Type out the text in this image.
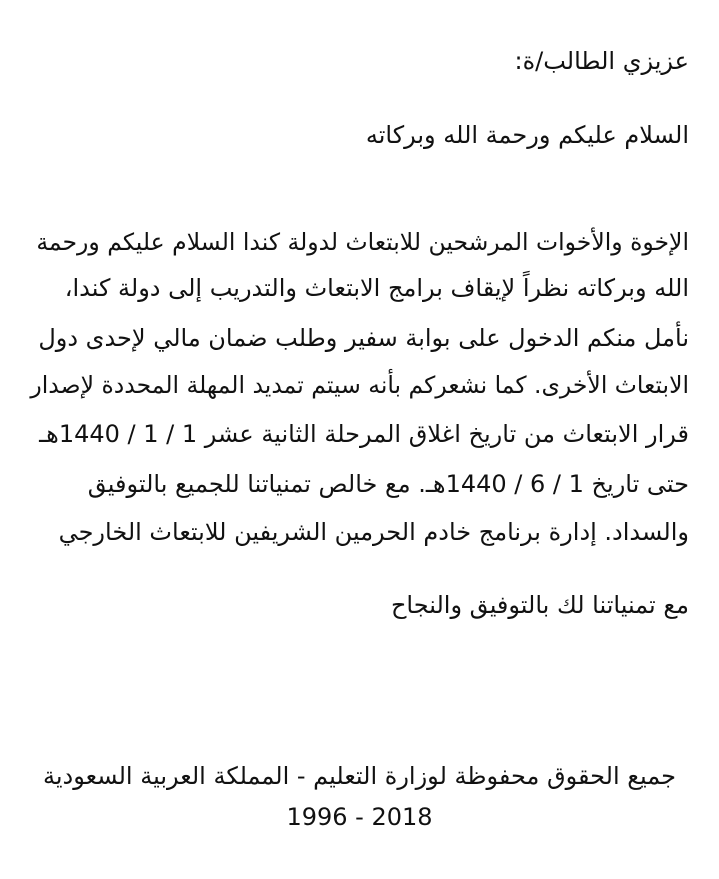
عزيزي الطالب/ة:
السلام عليكم ورحمة الله وبركاته
الإخوة والأخوات المرشحين للابتعاث لدولة كندا السلام عليكم ورحمة
الله وبركاته نظراً لإيقاف برامج الابتعاث والتدريب إلى دولة كندا،
نأمل منكم الدخول على بوابة سفير وطلب ضمان مالي لإحدى دول
الابتعاث الأخرى. كما نشعركم بأنه سيتم تمديد المهلة المحددة لإصدار
قرار الابتعاث من تاريخ اغلاق المرحلة الثانية عشر 1 / 1 / 1440هـ
حتى تاريخ 1 / 6 / 1440هـ. مع خالص تمنياتنا للجميع بالتوفيق
والسداد. إدارة برنامج خادم الحرمين الشريفين للابتعاث الخارجي
مع تمنياتنا لك بالتوفيق والنجاح
جميع الحقوق محفوظة لوزارة التعليم - المملكة العربية السعودية
1996 - 2018
